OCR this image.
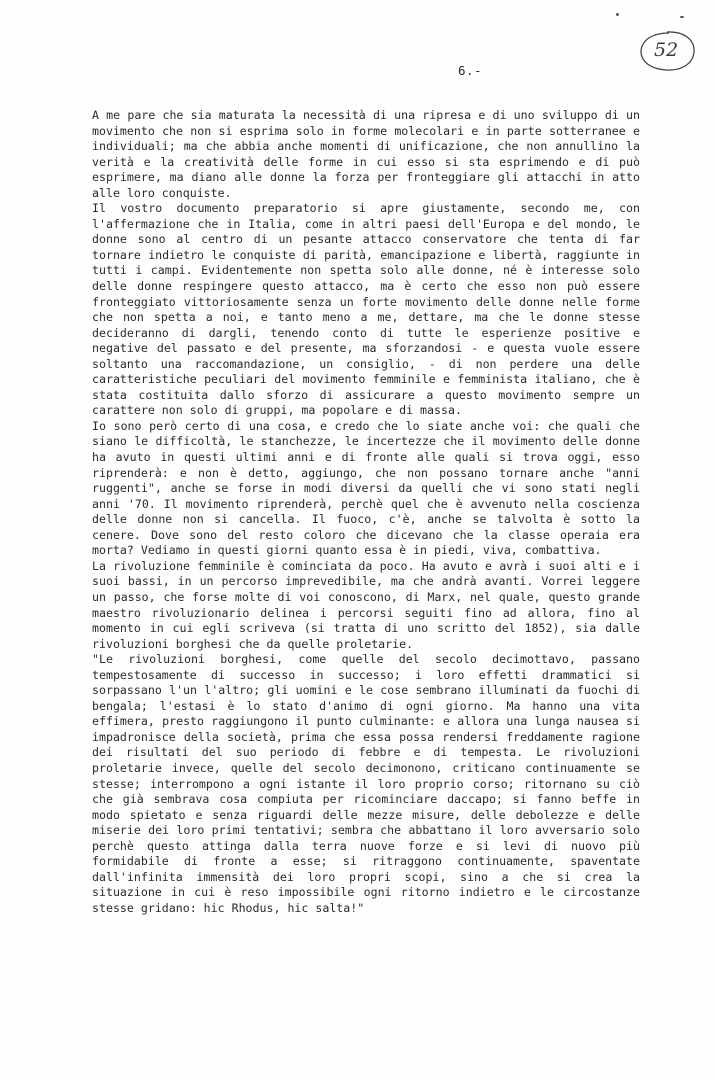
52
6.-

A me pare che sia maturata la necessità di una ripresa e di uno sviluppo di un movimento che non si esprima solo in forme molecolari e in parte sotterranee e individuali; ma che abbia anche momenti di unificazione, che non annullino la verità e la creatività delle forme in cui esso si sta esprimendo e di può esprimere, ma diano alle donne la forza per fronteggiare gli attacchi in atto alle loro conquiste.

Il vostro documento preparatorio si apre giustamente, secondo me, con l'affermazione che in Italia, come in altri paesi dell'Europa e del mondo, le donne sono al centro di un pesante attacco conservatore che tenta di far tornare indietro le conquiste di parità, emancipazione e libertà, raggiunte in tutti i campi. Evidentemente non spetta solo alle donne, né è interesse solo delle donne respingere questo attacco, ma è certo che esso non può essere fronteggiato vittoriosamente senza un forte movimento delle donne nelle forme che non spetta a noi, e tanto meno a me, dettare, ma che le donne stesse decideranno di dargli, tenendo conto di tutte le esperienze positive e negative del passato e del presente, ma sforzandosi - e questa vuole essere soltanto una raccomandazione, un consiglio, - di non perdere una delle caratteristiche peculiari del movimento femminile e femminista italiano, che è stata costituita dallo sforzo di assicurare a questo movimento sempre un carattere non solo di gruppi, ma popolare e di massa.

Io sono però certo di una cosa, e credo che lo siate anche voi: che quali che siano le difficoltà, le stanchezze, le incertezze che il movimento delle donne ha avuto in questi ultimi anni e di fronte alle quali si trova oggi, esso riprenderà: e non è detto, aggiungo, che non possano tornare anche "anni ruggenti", anche se forse in modi diversi da quelli che vi sono stati negli anni '70. Il movimento riprenderà, perchè quel che è avvenuto nella coscienza delle donne non si cancella. Il fuoco, c'è, anche se talvolta è sotto la cenere. Dove sono del resto coloro che dicevano che la classe operaia era morta? Vediamo in questi giorni quanto essa è in piedi, viva, combattiva.

La rivoluzione femminile è cominciata da poco. Ha avuto e avrà i suoi alti e i suoi bassi, in un percorso imprevedibile, ma che andrà avanti. Vorrei leggere un passo, che forse molte di voi conoscono, di Marx, nel quale, questo grande maestro rivoluzionario delinea i percorsi seguiti fino ad allora, fino al momento in cui egli scriveva (si tratta di uno scritto del 1852), sia dalle rivoluzioni borghesi che da quelle proletarie.

"Le rivoluzioni borghesi, come quelle del secolo decimottavo, passano tempestosamente di successo in successo; i loro effetti drammatici si sorpassano l'un l'altro; gli uomini e le cose sembrano illuminati da fuochi di bengala; l'estasi è lo stato d'animo di ogni giorno. Ma hanno una vita effimera, presto raggiungono il punto culminante: e allora una lunga nausea si impadronisce della società, prima che essa possa rendersi freddamente ragione dei risultati del suo periodo di febbre e di tempesta. Le rivoluzioni proletarie invece, quelle del secolo decimonono, criticano continuamente se stesse; interrompono a ogni istante il loro proprio corso; ritornano su ciò che già sembrava cosa compiuta per ricominciare daccapo; si fanno beffe in modo spietato e senza riguardi delle mezze misure, delle debolezze e delle miserie dei loro primi tentativi; sembra che abbattano il loro avversario solo perchè questo attinga dalla terra nuove forze e si levi di nuovo più formidabile di fronte a esse; si ritraggono continuamente, spaventate dall'infinita immensità dei loro propri scopi, sino a che si crea la situazione in cui è reso impossibile ogni ritorno indietro e le circostanze stesse gridano: hic Rhodus, hic salta!"
